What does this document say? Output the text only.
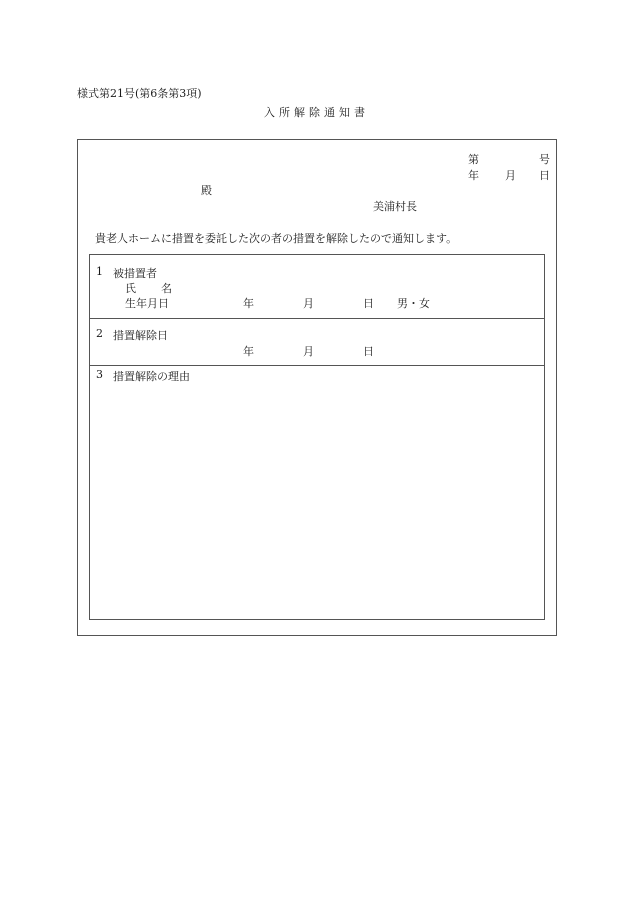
様式第21号(第6条第3項)
入所解除通知書
第	号
年 月 日
殿
美浦村長
貴老人ホームに措置を委託した次の者の措置を解除したので通知します。
1 被措置者
氏 名
生年月日	年	月	日 男・女
2 措置解除日
年	月	日
3 措置解除の理由
